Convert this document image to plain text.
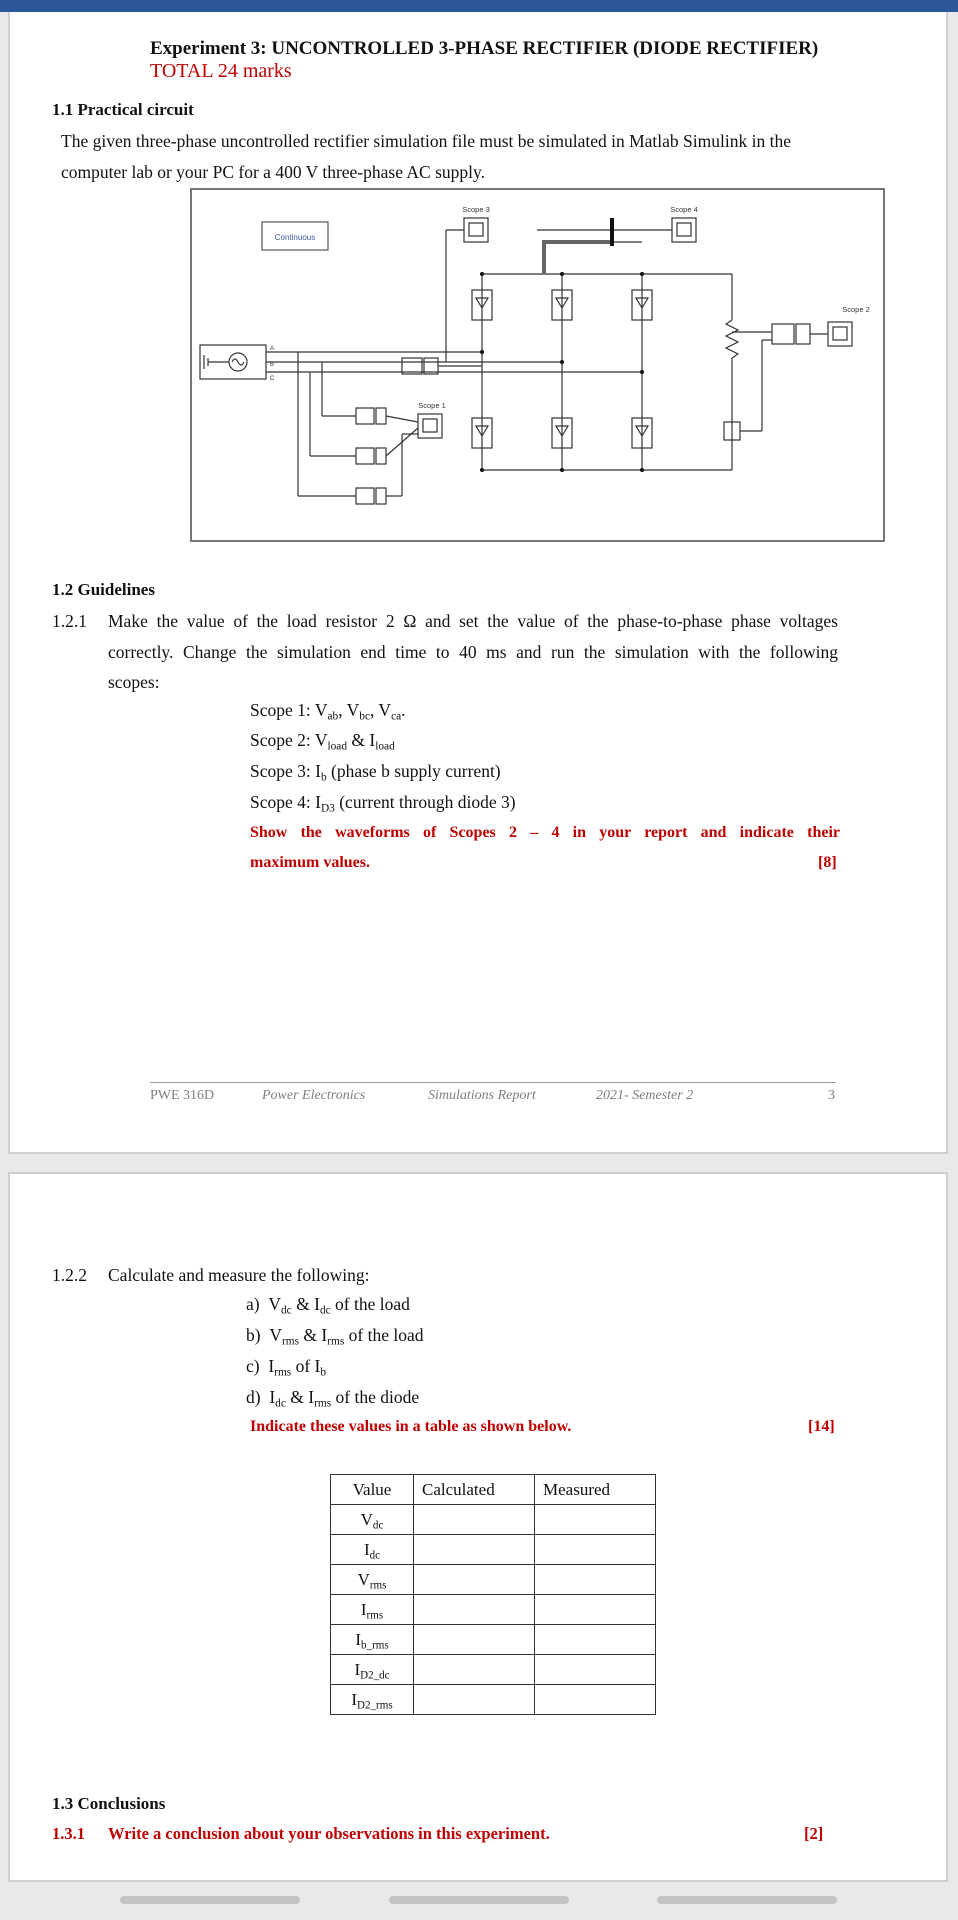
Experiment 3: UNCONTROLLED 3-PHASE RECTIFIER (DIODE RECTIFIER)
TOTAL 24 marks
1.1 Practical circuit
The given three-phase uncontrolled rectifier simulation file must be simulated in Matlab Simulink in the
computer lab or your PC for a 400 V three-phase AC supply.
Continuous
Scope 3	Scope 4
Scope 2
Scope 1
A
B
C
1.2 Guidelines
1.2.1 Make the value of the load resistor 2 Ω and set the value of the phase-to-phase phase voltages
correctly. Change the simulation end time to 40 ms and run the simulation with the following
scopes:
Scope 1: $V_{ab}$, $V_{bc}$, $V_{ca}$.
Scope 2: $V_{load}$ & $I_{load}$
Scope 3: $I_b$ (phase b supply current)
Scope 4: $I_{D3}$ (current through diode 3)
Show the waveforms of Scopes 2 – 4 in your report and indicate their
maximum values.	[8]
PWE 316D	Power Electronics	Simulations Report	2021- Semester 2	3
1.2.2 Calculate and measure the following:
a) $V_{dc}$ & $I_{dc}$ of the load
b) $V_{rms}$ & $I_{rms}$ of the load
c) $I_{rms}$ of $I_b$
d) $I_{dc}$ & $I_{rms}$ of the diode
Indicate these values in a table as shown below.	[14]
Value	Calculated	Measured
$V_{dc}$		
$I_{dc}$		
$V_{rms}$		
$I_{rms}$		
$I_{b\_rms}$		
$I_{D2\_dc}$		
$I_{D2\_rms}$		
1.3 Conclusions
1.3.1 Write a conclusion about your observations in this experiment.	[2]
